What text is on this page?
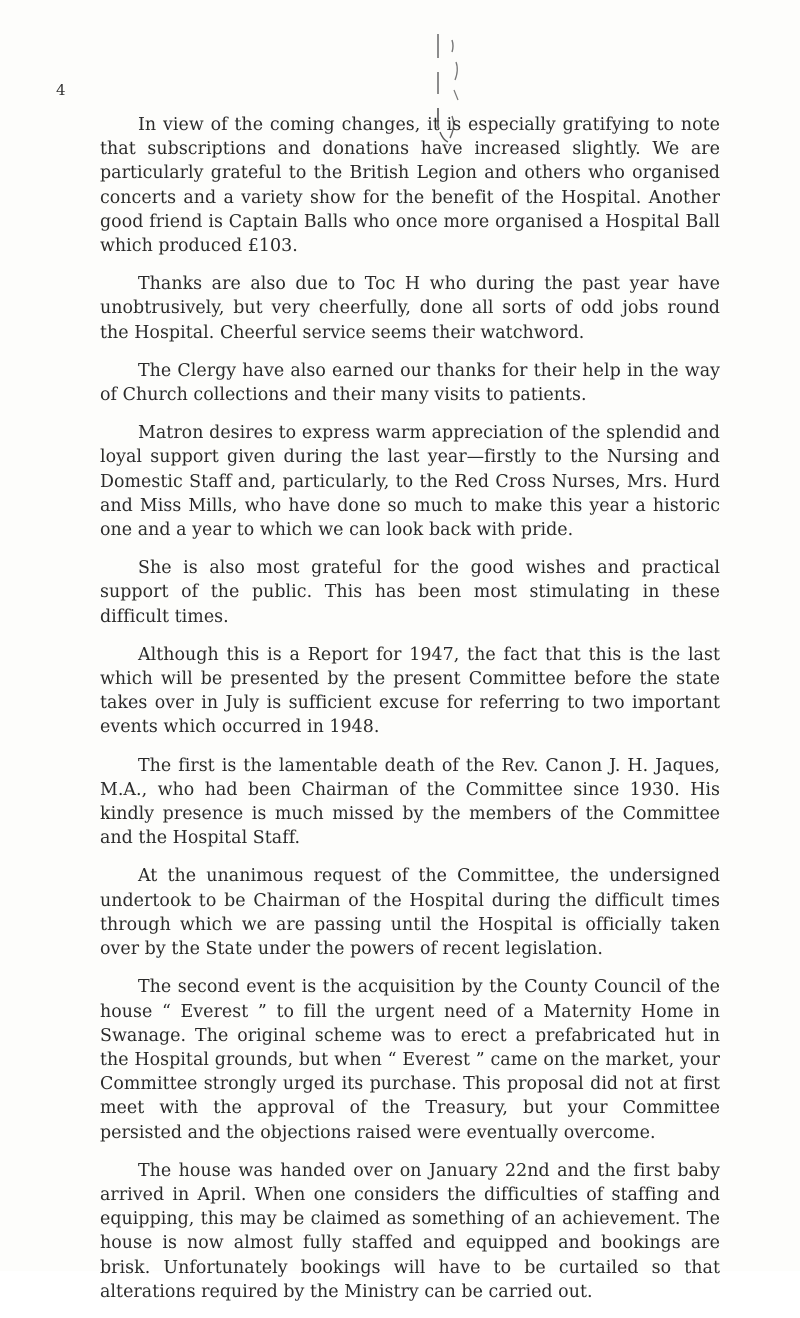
4

In view of the coming changes, it is especially gratifying to note that subscriptions and donations have increased slightly. We are particularly grateful to the British Legion and others who organised concerts and a variety show for the benefit of the Hospital. Another good friend is Captain Balls who once more organised a Hospital Ball which produced £103.

Thanks are also due to Toc H who during the past year have unobtrusively, but very cheerfully, done all sorts of odd jobs round the Hospital. Cheerful service seems their watchword.

The Clergy have also earned our thanks for their help in the way of Church collections and their many visits to patients.

Matron desires to express warm appreciation of the splendid and loyal support given during the last year—firstly to the Nursing and Domestic Staff and, particularly, to the Red Cross Nurses, Mrs. Hurd and Miss Mills, who have done so much to make this year a historic one and a year to which we can look back with pride.

She is also most grateful for the good wishes and practical support of the public. This has been most stimulating in these difficult times.

Although this is a Report for 1947, the fact that this is the last which will be presented by the present Committee before the state takes over in July is sufficient excuse for referring to two important events which occurred in 1948.

The first is the lamentable death of the Rev. Canon J. H. Jaques, M.A., who had been Chairman of the Committee since 1930. His kindly presence is much missed by the members of the Committee and the Hospital Staff.

At the unanimous request of the Committee, the undersigned undertook to be Chairman of the Hospital during the difficult times through which we are passing until the Hospital is officially taken over by the State under the powers of recent legislation.

The second event is the acquisition by the County Council of the house “ Everest ” to fill the urgent need of a Maternity Home in Swanage. The original scheme was to erect a prefabricated hut in the Hospital grounds, but when “ Everest ” came on the market, your Committee strongly urged its purchase. This proposal did not at first meet with the approval of the Treasury, but your Committee persisted and the objections raised were eventually overcome.

The house was handed over on January 22nd and the first baby arrived in April. When one considers the difficulties of staffing and equipping, this may be claimed as something of an achievement. The house is now almost fully staffed and equipped and bookings are brisk. Unfortunately bookings will have to be curtailed so that alterations required by the Ministry can be carried out.
